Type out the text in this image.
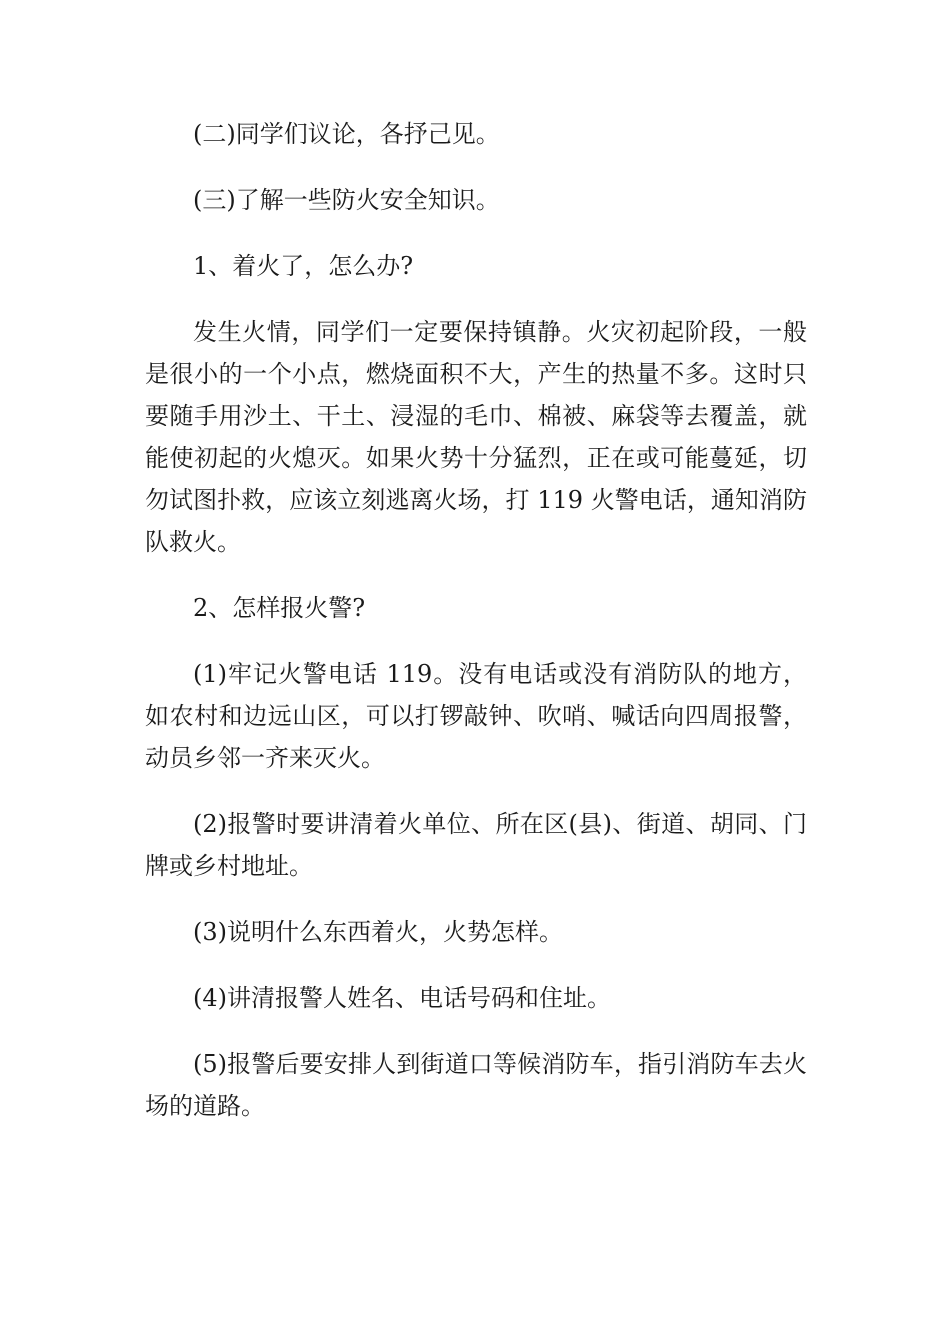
(二)同学们议论，各抒己见。

(三)了解一些防火安全知识。

1、着火了，怎么办?

发生火情，同学们一定要保持镇静。火灾初起阶段，一般是很小的一个小点，燃烧面积不大，产生的热量不多。这时只要随手用沙土、干土、浸湿的毛巾、棉被、麻袋等去覆盖，就能使初起的火熄灭。如果火势十分猛烈，正在或可能蔓延，切勿试图扑救，应该立刻逃离火场，打 119 火警电话，通知消防队救火。

2、怎样报火警?

(1)牢记火警电话 119。没有电话或没有消防队的地方，如农村和边远山区，可以打锣敲钟、吹哨、喊话向四周报警，动员乡邻一齐来灭火。

(2)报警时要讲清着火单位、所在区(县)、街道、胡同、门牌或乡村地址。

(3)说明什么东西着火，火势怎样。

(4)讲清报警人姓名、电话号码和住址。

(5)报警后要安排人到街道口等候消防车，指引消防车去火场的道路。
